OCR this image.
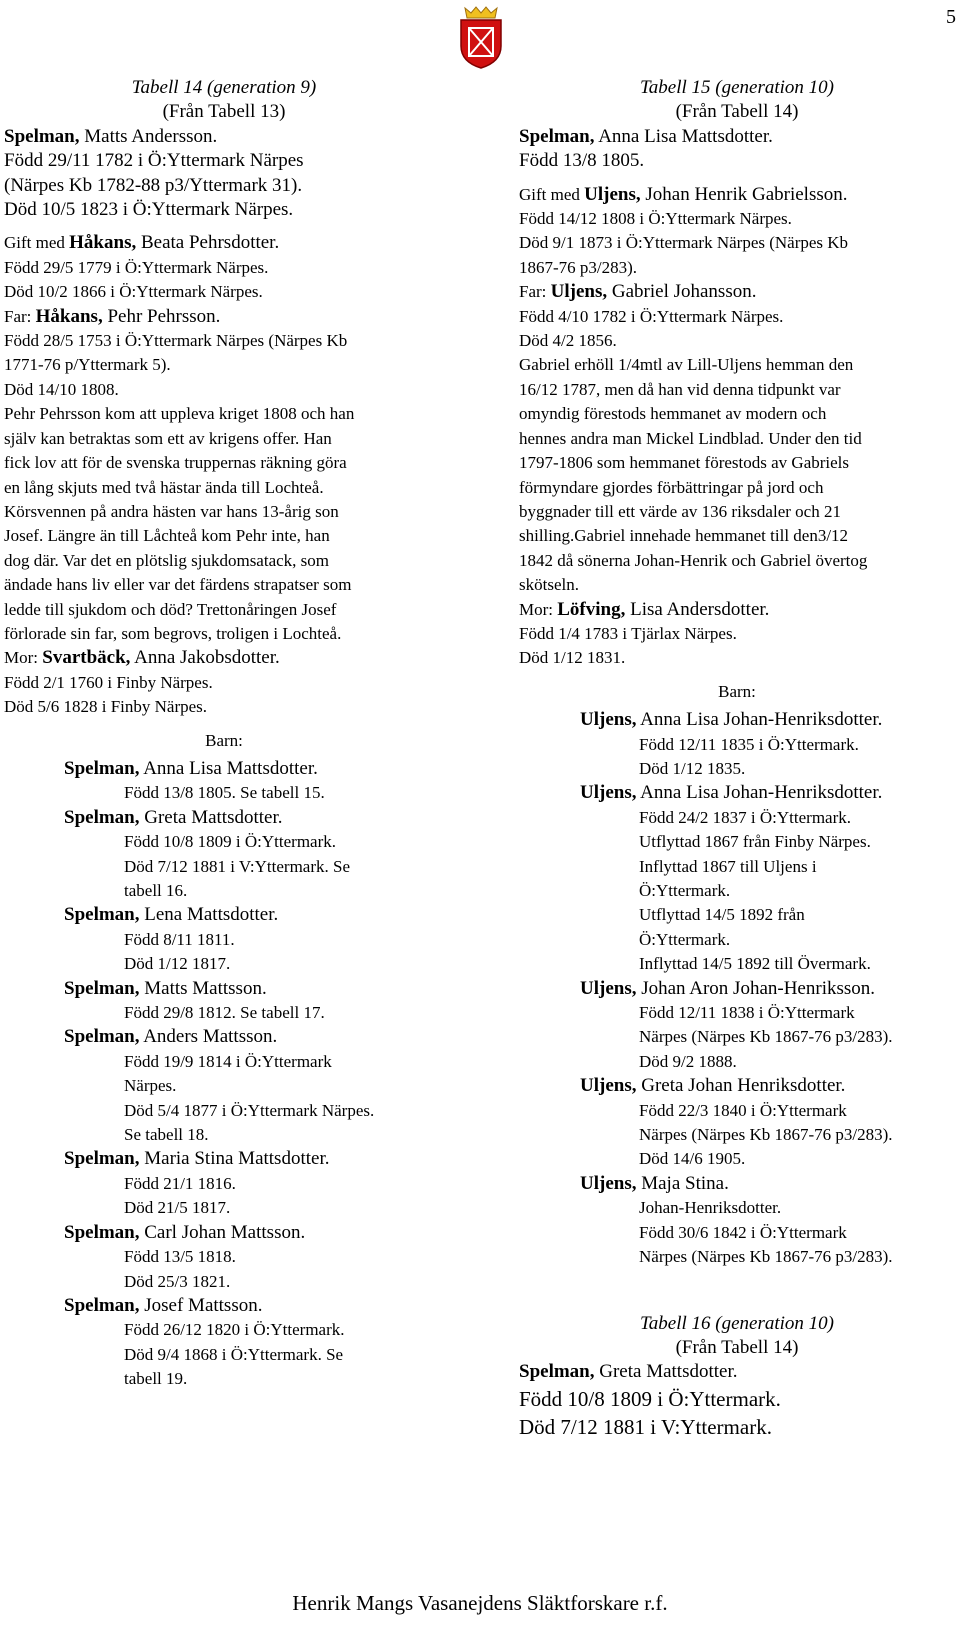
5

Tabell 14 (generation 9)

(Från Tabell 13)

Spelman, Matts Andersson.

Född 29/11 1782 i Ö:Yttermark Närpes

(Närpes Kb 1782-88 p3/Yttermark 31).

Död 10/5 1823 i Ö:Yttermark Närpes.

Gift med Håkans, Beata Pehrsdotter.

Född 29/5 1779 i Ö:Yttermark Närpes.

Död 10/2 1866 i Ö:Yttermark Närpes.

Far: Håkans, Pehr Pehrsson.

Född 28/5 1753 i Ö:Yttermark Närpes (Närpes Kb

1771-76 p/Yttermark 5).

Död 14/10 1808.

Pehr Pehrsson kom att uppleva kriget 1808 och han

själv kan betraktas som ett av krigens offer. Han

fick lov att för de svenska truppernas räkning göra

en lång skjuts med två hästar ända till Lochteå.

Körsvennen på andra hästen var hans 13-årig son

Josef. Längre än till Låchteå kom Pehr inte, han

dog där. Var det en plötslig sjukdomsatack, som

ändade hans liv eller var det färdens strapatser som

ledde till sjukdom och död? Trettonåringen Josef

förlorade sin far, som begrovs, troligen i Lochteå.

Mor: Svartbäck, Anna Jakobsdotter.

Född 2/1 1760 i Finby Närpes.

Död 5/6 1828 i Finby Närpes.

Barn:

Spelman, Anna Lisa Mattsdotter.

Född 13/8 1805. Se tabell 15.

Spelman, Greta Mattsdotter.

Född 10/8 1809 i Ö:Yttermark.

Död 7/12 1881 i V:Yttermark. Se

tabell 16.

Spelman, Lena Mattsdotter.

Född 8/11 1811.

Död 1/12 1817.

Spelman, Matts Mattsson.

Född 29/8 1812. Se tabell 17.

Spelman, Anders Mattsson.

Född 19/9 1814 i Ö:Yttermark

Närpes.

Död 5/4 1877 i Ö:Yttermark Närpes.

Se tabell 18.

Spelman, Maria Stina Mattsdotter.

Född 21/1 1816.

Död 21/5 1817.

Spelman, Carl Johan Mattsson.

Född 13/5 1818.

Död 25/3 1821.

Spelman, Josef Mattsson.

Född 26/12 1820 i Ö:Yttermark.

Död 9/4 1868 i Ö:Yttermark. Se

tabell 19.

Tabell 15 (generation 10)

(Från Tabell 14)

Spelman, Anna Lisa Mattsdotter.

Född 13/8 1805.

Gift med Uljens, Johan Henrik Gabrielsson.

Född 14/12 1808 i Ö:Yttermark Närpes.

Död 9/1 1873 i Ö:Yttermark Närpes (Närpes Kb

1867-76 p3/283).

Far: Uljens, Gabriel Johansson.

Född 4/10 1782 i Ö:Yttermark Närpes.

Död 4/2 1856.

Gabriel erhöll 1/4mtl av Lill-Uljens hemman den

16/12 1787, men då han vid denna tidpunkt var

omyndig förestods hemmanet av modern och

hennes andra man Mickel Lindblad. Under den tid

1797-1806 som hemmanet förestods av Gabriels

förmyndare gjordes förbättringar på jord och

byggnader till ett värde av 136 riksdaler och 21

shilling.Gabriel innehade hemmanet till den3/12

1842 då sönerna Johan-Henrik och Gabriel övertog

skötseln.

Mor: Löfving, Lisa Andersdotter.

Född 1/4 1783 i Tjärlax Närpes.

Död 1/12 1831.

Barn:

Uljens, Anna Lisa Johan-Henriksdotter.

Född 12/11 1835 i Ö:Yttermark.

Död 1/12 1835.

Uljens, Anna Lisa Johan-Henriksdotter.

Född 24/2 1837 i Ö:Yttermark.

Utflyttad 1867 från Finby Närpes.

Inflyttad 1867 till Uljens i

Ö:Yttermark.

Utflyttad 14/5 1892 från

Ö:Yttermark.

Inflyttad 14/5 1892 till Övermark.

Uljens, Johan Aron Johan-Henriksson.

Född 12/11 1838 i Ö:Yttermark

Närpes (Närpes Kb 1867-76 p3/283).

Död 9/2 1888.

Uljens, Greta Johan Henriksdotter.

Född 22/3 1840 i Ö:Yttermark

Närpes (Närpes Kb 1867-76 p3/283).

Död 14/6 1905.

Uljens, Maja Stina.

Johan-Henriksdotter.

Född 30/6 1842 i Ö:Yttermark

Närpes (Närpes Kb 1867-76 p3/283).

Tabell 16 (generation 10)

(Från Tabell 14)

Spelman, Greta Mattsdotter.

Född 10/8 1809 i Ö:Yttermark.

Död 7/12 1881 i V:Yttermark.

Henrik Mangs Vasanejdens Släktforskare r.f.
